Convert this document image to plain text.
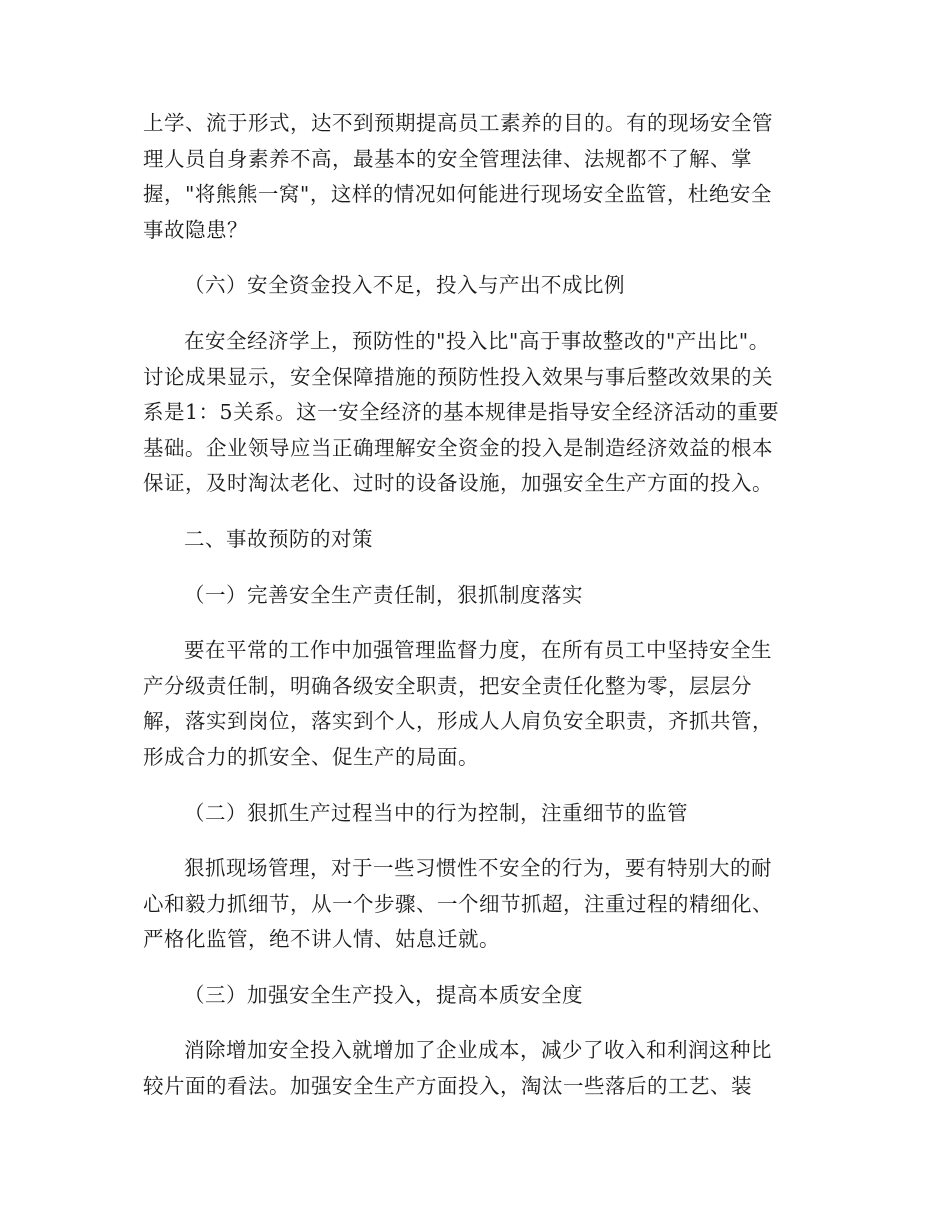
上学、流于形式，达不到预期提高员工素养的目的。有的现场安全管
理人员自身素养不高，最基本的安全管理法律、法规都不了解、掌
握，"将熊熊一窝"，这样的情况如何能进行现场安全监管，杜绝安全
事故隐患？
（六）安全资金投入不足，投入与产出不成比例
在安全经济学上，预防性的"投入比"高于事故整改的"产出比"。
讨论成果显示，安全保障措施的预防性投入效果与事后整改效果的关
系是1：5关系。这一安全经济的基本规律是指导安全经济活动的重要
基础。企业领导应当正确理解安全资金的投入是制造经济效益的根本
保证，及时淘汰老化、过时的设备设施，加强安全生产方面的投入。
二、事故预防的对策
（一）完善安全生产责任制，狠抓制度落实
要在平常的工作中加强管理监督力度，在所有员工中坚持安全生
产分级责任制，明确各级安全职责，把安全责任化整为零，层层分
解，落实到岗位，落实到个人，形成人人肩负安全职责，齐抓共管，
形成合力的抓安全、促生产的局面。
（二）狠抓生产过程当中的行为控制，注重细节的监管
狠抓现场管理，对于一些习惯性不安全的行为，要有特别大的耐
心和毅力抓细节，从一个步骤、一个细节抓超，注重过程的精细化、
严格化监管，绝不讲人情、姑息迁就。
（三）加强安全生产投入，提高本质安全度
消除增加安全投入就增加了企业成本，减少了收入和利润这种比
较片面的看法。加强安全生产方面投入，淘汰一些落后的工艺、装
